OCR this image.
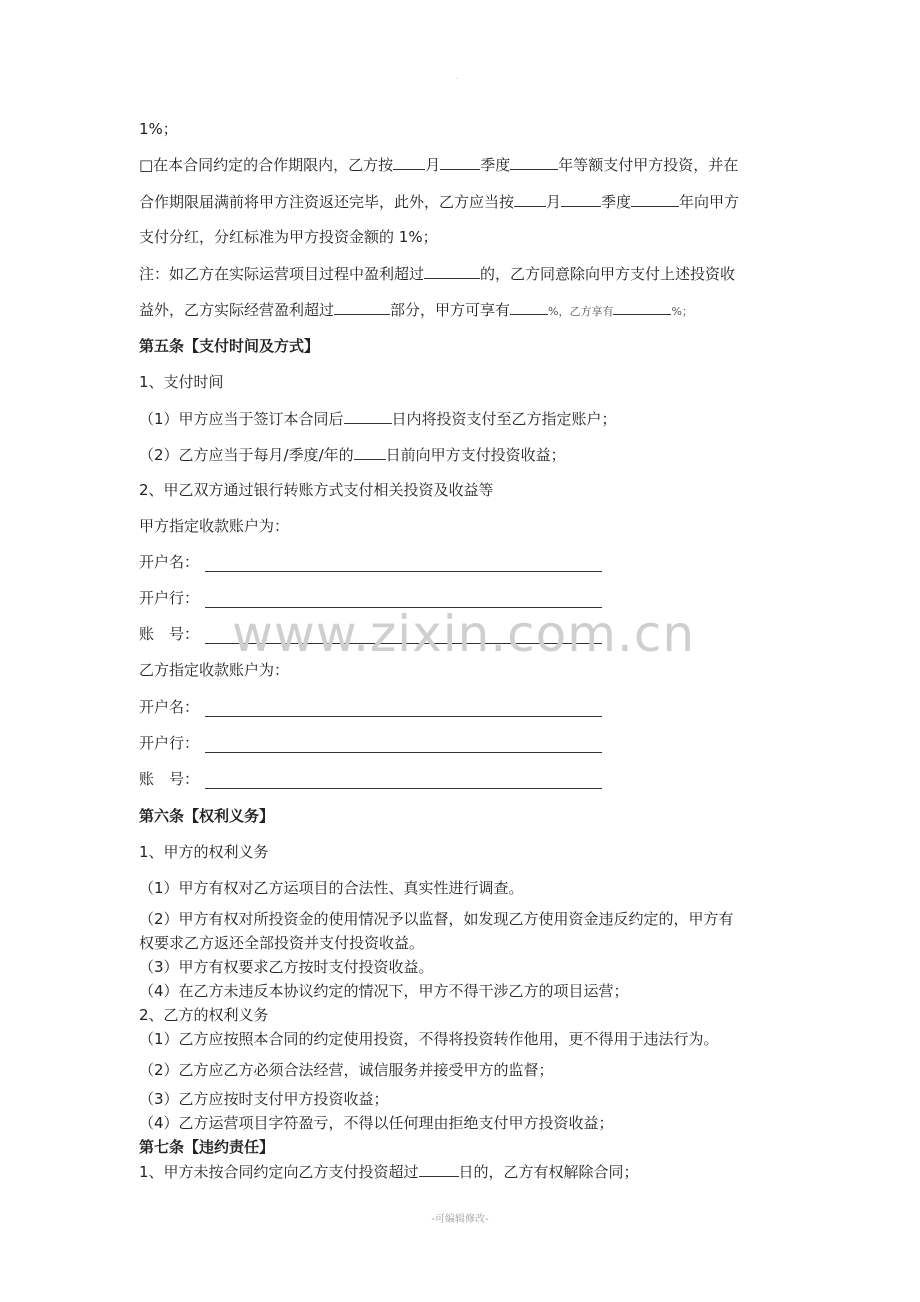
.
1%；
□在本合同约定的合作期限内，乙方按 月	季度	年等额支付甲方投资，并在
合作期限届满前将甲方注资返还完毕，此外，乙方应当按 月	季度	年向甲方
支付分红，分红标准为甲方投资金额的 1%；
注：如乙方在实际运营项目过程中盈利超过	的，乙方同意除向甲方支付上述投资收
益外，乙方实际经营盈利超过	部分，甲方可享有	%，乙方享有	%；
第五条【支付时间及方式】
1、支付时间
（1）甲方应当于签订本合同后	日内将投资支付至乙方指定账户；
（2）乙方应当于每月/季度/年的 日前向甲方支付投资收益；
2、甲乙双方通过银行转账方式支付相关投资及收益等
甲方指定收款账户为：
开户名：
开户行：
账　号：
乙方指定收款账户为：
开户名：
开户行：
账　号：
第六条【权利义务】
1、甲方的权利义务
（1）甲方有权对乙方运项目的合法性、真实性进行调查。
（2）甲方有权对所投资金的使用情况予以监督，如发现乙方使用资金违反约定的，甲方有
权要求乙方返还全部投资并支付投资收益。
（3）甲方有权要求乙方按时支付投资收益。
（4）在乙方未违反本协议约定的情况下，甲方不得干涉乙方的项目运营；
2、乙方的权利义务
（1）乙方应按照本合同的约定使用投资，不得将投资转作他用，更不得用于违法行为。
（2）乙方应乙方必须合法经营，诚信服务并接受甲方的监督；
（3）乙方应按时支付甲方投资收益；
（4）乙方运营项目字符盈亏，不得以任何理由拒绝支付甲方投资收益；
第七条【违约责任】
1、甲方未按合同约定向乙方支付投资超过	日的，乙方有权解除合同；
www.zixin.com.cn
-可编辑修改-
